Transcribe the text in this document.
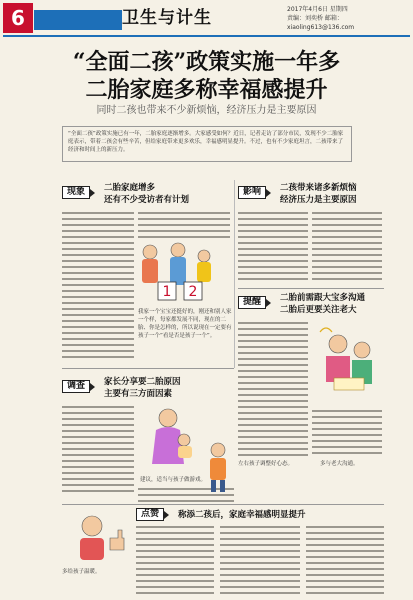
6	卫生与计生	2017年4月6日 星期四
责编：刘奕桥 邮箱：xiaoling613@136.com
“全面二孩”政策实施一年多
二胎家庭多称幸福感提升
同时二孩也带来不少新烦恼，经济压力是主要原因
“全面二孩”政策实施已有一年，二胎家庭逐渐增多。大家感受如何？近日，记者走访了部分市民，发现不少二胎家庭表示，带着二孩会有些辛苦，但给家庭带来更多欢乐，幸福感明显提升。不过，也有不少家庭坦言，二孩带来了经济和时间上的新压力。
现象	二胎家庭增多
还有不少受访者有计划
1 2
我家一个宝宝还挺好的，刚还和别人家一个样，每家都发展不同，现在的二胎、你是怎样的，所以说现在一定要有孩子一个”看是否是孩子一个”。
影响	二孩带来诸多新烦恼
经济压力是主要原因
提醒	二胎前需跟大宝多沟通
二胎后更要关注老大
调查	家长分享要二胎原因
主要有三方面因素
建议，适当与孩子做游戏。
左右孩子调整好心态。	多与老大沟通。
点赞	称添二孩后，家庭幸福感明显提升
多给孩子温暖。
